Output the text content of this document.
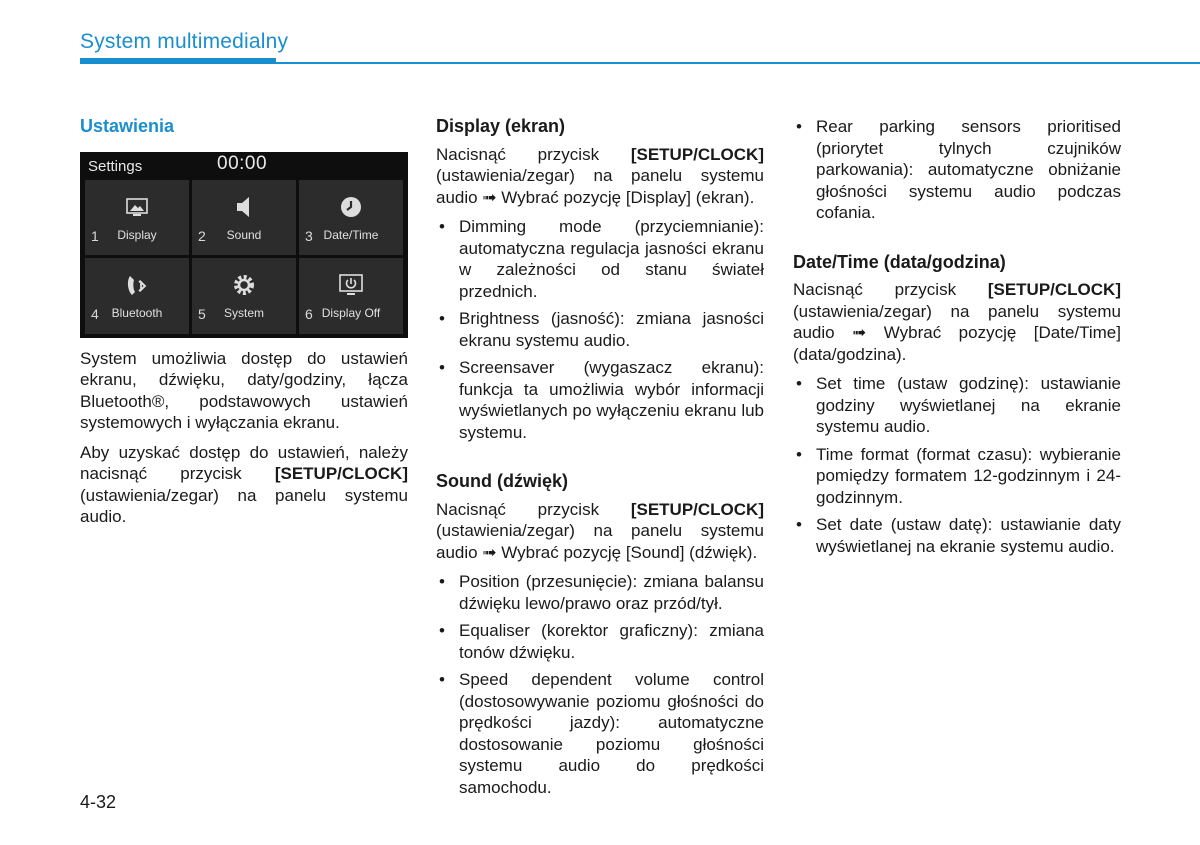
System multimedialny
Ustawienia
Settings	00:00
1	Display	2	Sound	3 Date/Time
4	Bluetooth	5	System	6 Display Off

System umożliwia dostęp do ustawień ekranu, dźwięku, daty/godziny, łącza Bluetooth®, podstawowych ustawień systemowych i wyłączania ekranu.

Aby uzyskać dostęp do ustawień, należy nacisnąć przycisk [SETUP/CLOCK] (ustawienia/zegar) na panelu systemu audio.

Display (ekran)

Nacisnąć przycisk [SETUP/CLOCK] (ustawienia/zegar) na panelu systemu audio ➟ Wybrać pozycję [Display] (ekran).

• Dimming mode (przyciemnianie): automatyczna regulacja jasności ekranu w zależności od stanu świateł przednich.
• Brightness (jasność): zmiana jasności ekranu systemu audio.
• Screensaver (wygaszacz ekranu): funkcja ta umożliwia wybór informacji wyświetlanych po wyłączeniu ekranu lub systemu.
Sound (dźwięk)

Nacisnąć przycisk [SETUP/CLOCK] (ustawienia/zegar) na panelu systemu audio ➟ Wybrać pozycję [Sound] (dźwięk).

• Position (przesunięcie): zmiana balansu dźwięku lewo/prawo oraz przód/tył.
• Equaliser (korektor graficzny): zmiana tonów dźwięku.
• Speed dependent volume control (dostosowywanie poziomu głośności do prędkości jazdy): automatyczne dostosowanie poziomu głośności systemu audio do prędkości samochodu.
• Rear parking sensors prioritised (priorytet tylnych czujników parkowania): automatyczne obniżanie głośności systemu audio podczas cofania.
Date/Time (data/godzina)

Nacisnąć przycisk [SETUP/CLOCK] (ustawienia/zegar) na panelu systemu audio ➟ Wybrać pozycję [Date/Time] (data/godzina).

• Set time (ustaw godzinę): ustawianie godziny wyświetlanej na ekranie systemu audio.
• Time format (format czasu): wybieranie pomiędzy formatem 12-godzinnym i 24-godzinnym.
• Set date (ustaw datę): ustawianie daty wyświetlanej na ekranie systemu audio.
4-32
